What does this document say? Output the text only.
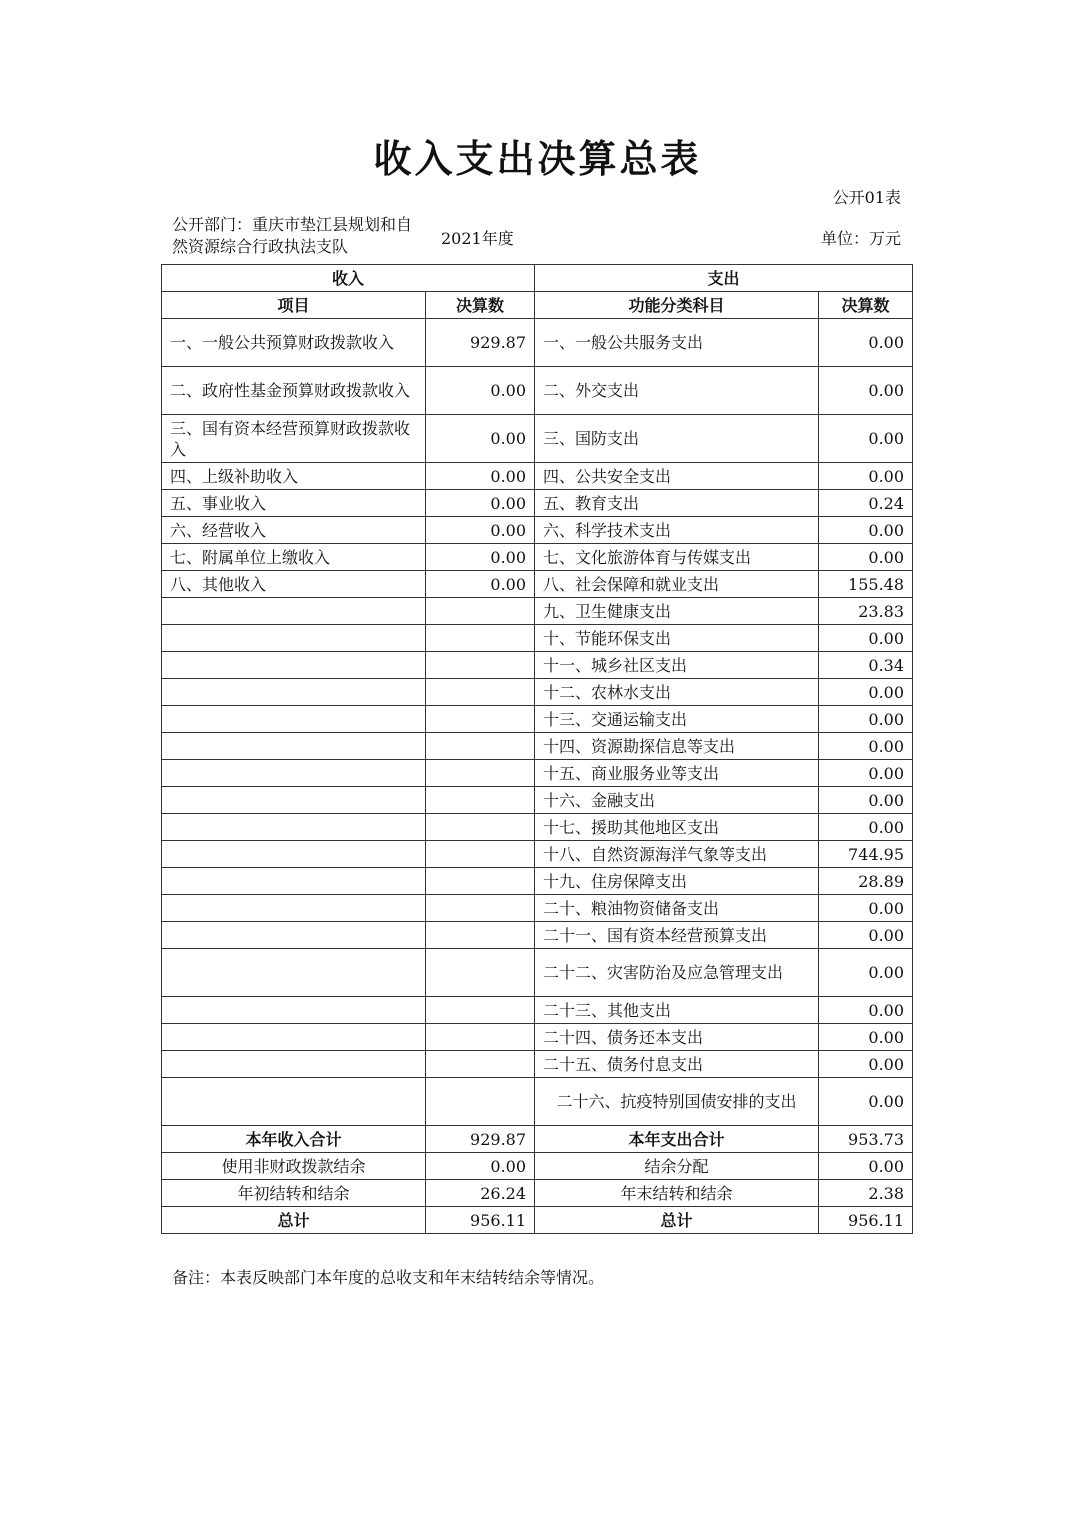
收入支出决算总表
公开01表
公开部门：重庆市垫江县规划和自然资源综合行政执法支队	2021年度	单位：万元
收入		支出	
项目	决算数	功能分类科目	决算数
一、一般公共预算财政拨款收入	929.87	一、一般公共服务支出	0.00
二、政府性基金预算财政拨款收入	0.00	二、外交支出	0.00
三、国有资本经营预算财政拨款收入	0.00	三、国防支出	0.00
四、上级补助收入	0.00	四、公共安全支出	0.00
五、事业收入	0.00	五、教育支出	0.24
六、经营收入	0.00	六、科学技术支出	0.00
七、附属单位上缴收入	0.00	七、文化旅游体育与传媒支出	0.00
八、其他收入	0.00	八、社会保障和就业支出	155.48
		九、卫生健康支出	23.83
		十、节能环保支出	0.00
		十一、城乡社区支出	0.34
		十二、农林水支出	0.00
		十三、交通运输支出	0.00
		十四、资源勘探信息等支出	0.00
		十五、商业服务业等支出	0.00
		十六、金融支出	0.00
		十七、援助其他地区支出	0.00
		十八、自然资源海洋气象等支出	744.95
		十九、住房保障支出	28.89
		二十、粮油物资储备支出	0.00
		二十一、国有资本经营预算支出	0.00
		二十二、灾害防治及应急管理支出	0.00
		二十三、其他支出	0.00
		二十四、债务还本支出	0.00
		二十五、债务付息支出	0.00
		二十六、抗疫特别国债安排的支出	0.00
本年收入合计	929.87	本年支出合计	953.73
使用非财政拨款结余	0.00	结余分配	0.00
年初结转和结余	26.24	年末结转和结余	2.38
总计	956.11	总计	956.11
备注：本表反映部门本年度的总收支和年末结转结余等情况。
